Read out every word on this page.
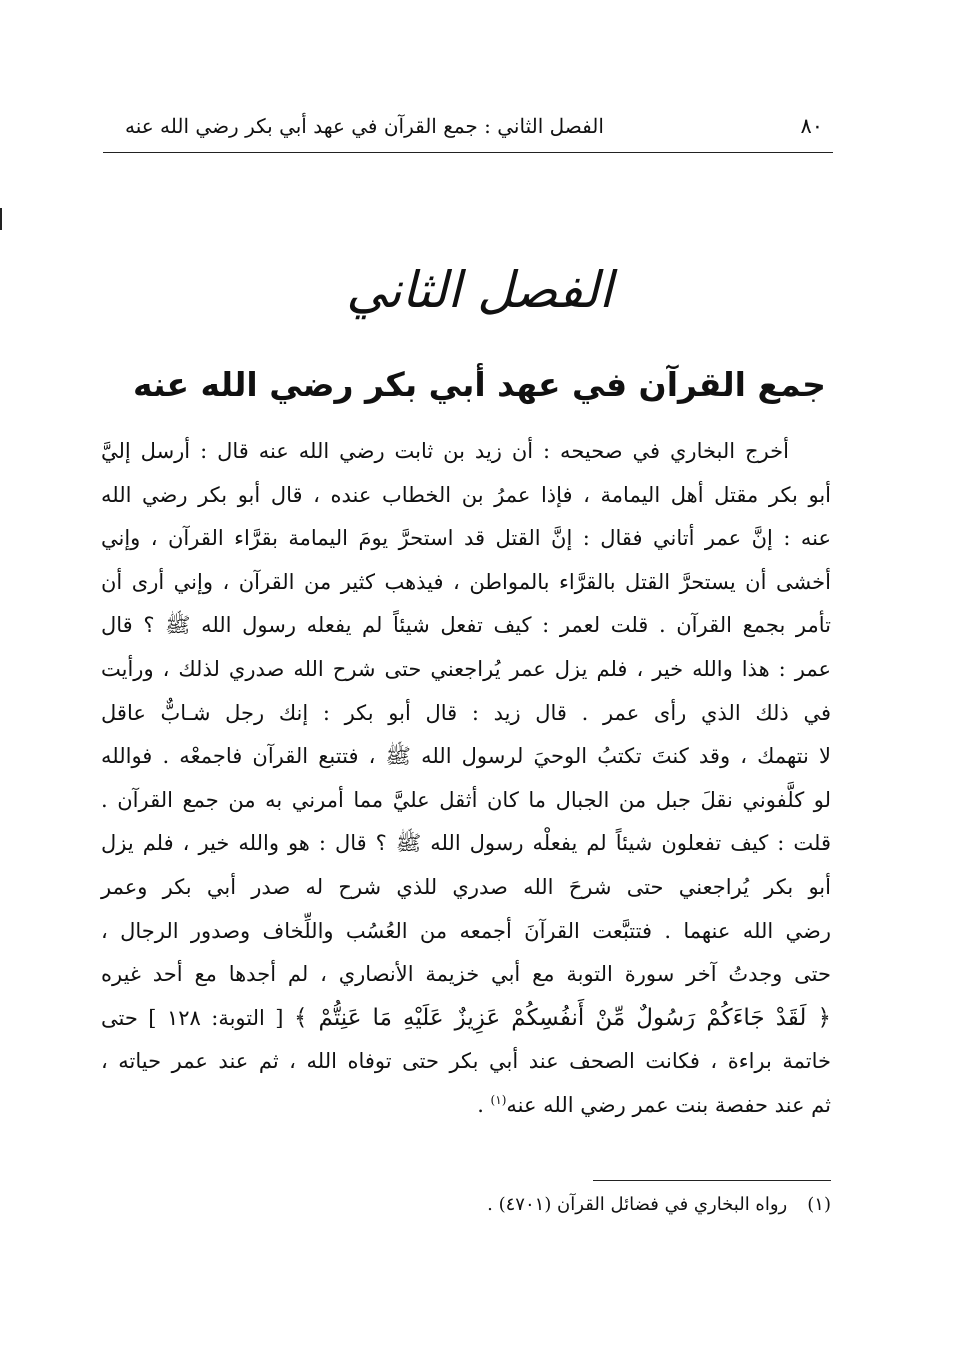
٨٠
الفصل الثاني : جمع القرآن في عهد أبي بكر رضي الله عنه
الفصل الثاني
جمع القرآن في عهد أبي بكر رضي الله عنه
أخرج البخاري في صحيحه : أن زيد بن ثابت رضي الله عنه قال : أرسل إليَّ
أبو بكر مقتل أهل اليمامة ، فإذا عمرُ بن الخطاب عنده ، قال أبو بكر رضي الله
عنه : إنَّ عمر أتاني فقال : إنَّ القتل قد استحرَّ يومَ اليمامة بقرَّاء القرآن ، وإني
أخشى أن يستحرَّ القتل بالقرَّاء بالمواطن ، فيذهب كثير من القرآن ، وإني أرى أن
تأمر بجمع القرآن . قلت لعمر : كيف تفعل شيئاً لم يفعله رسول الله ﷺ ؟ قال
عمر : هذا والله خير ، فلم يزل عمر يُراجعني حتى شرح الله صدري لذلك ، ورأيت
في ذلك الذي رأى عمر . قال زيد : قال أبو بكر : إنك رجل شـابٌّ عاقل
لا نتهمك ، وقد كنتَ تكتبُ الوحيَ لرسول الله ﷺ ، فتتبع القرآن فاجمعْه . فوالله
لو كلَّفوني نقلَ جبل من الجبال ما كان أثقل عليَّ مما أمرني به من جمع القرآن .
قلت : كيف تفعلون شيئاً لم يفعلْه رسول الله ﷺ ؟ قال : هو والله خير ، فلم يزل
أبو بكر يُراجعني حتى شرحَ الله صدري للذي شرح له صدر أبي بكر وعمر
رضي الله عنهما . فتتبَّعت القرآنَ أجمعه من العُسُب واللِّخاف وصدور الرجال ،
حتى وجدتُ آخر سورة التوبة مع أبي خزيمة الأنصاري ، لم أجدها مع أحد غيره
﴿ لَقَدْ جَاءَكُمْ رَسُولٌ مِّنْ أَنفُسِكُمْ عَزِيزٌ عَلَيْهِ مَا عَنِتُّمْ ﴾ [ التوبة: ١٢٨ ] حتى
خاتمة براءة ، فكانت الصحف عند أبي بكر حتى توفاه الله ، ثم عند عمر حياته ،
ثم عند حفصة بنت عمر رضي الله عنه$^{(١)}$ .
(١)رواه البخاري في فضائل القرآن (٤٧٠١) .
